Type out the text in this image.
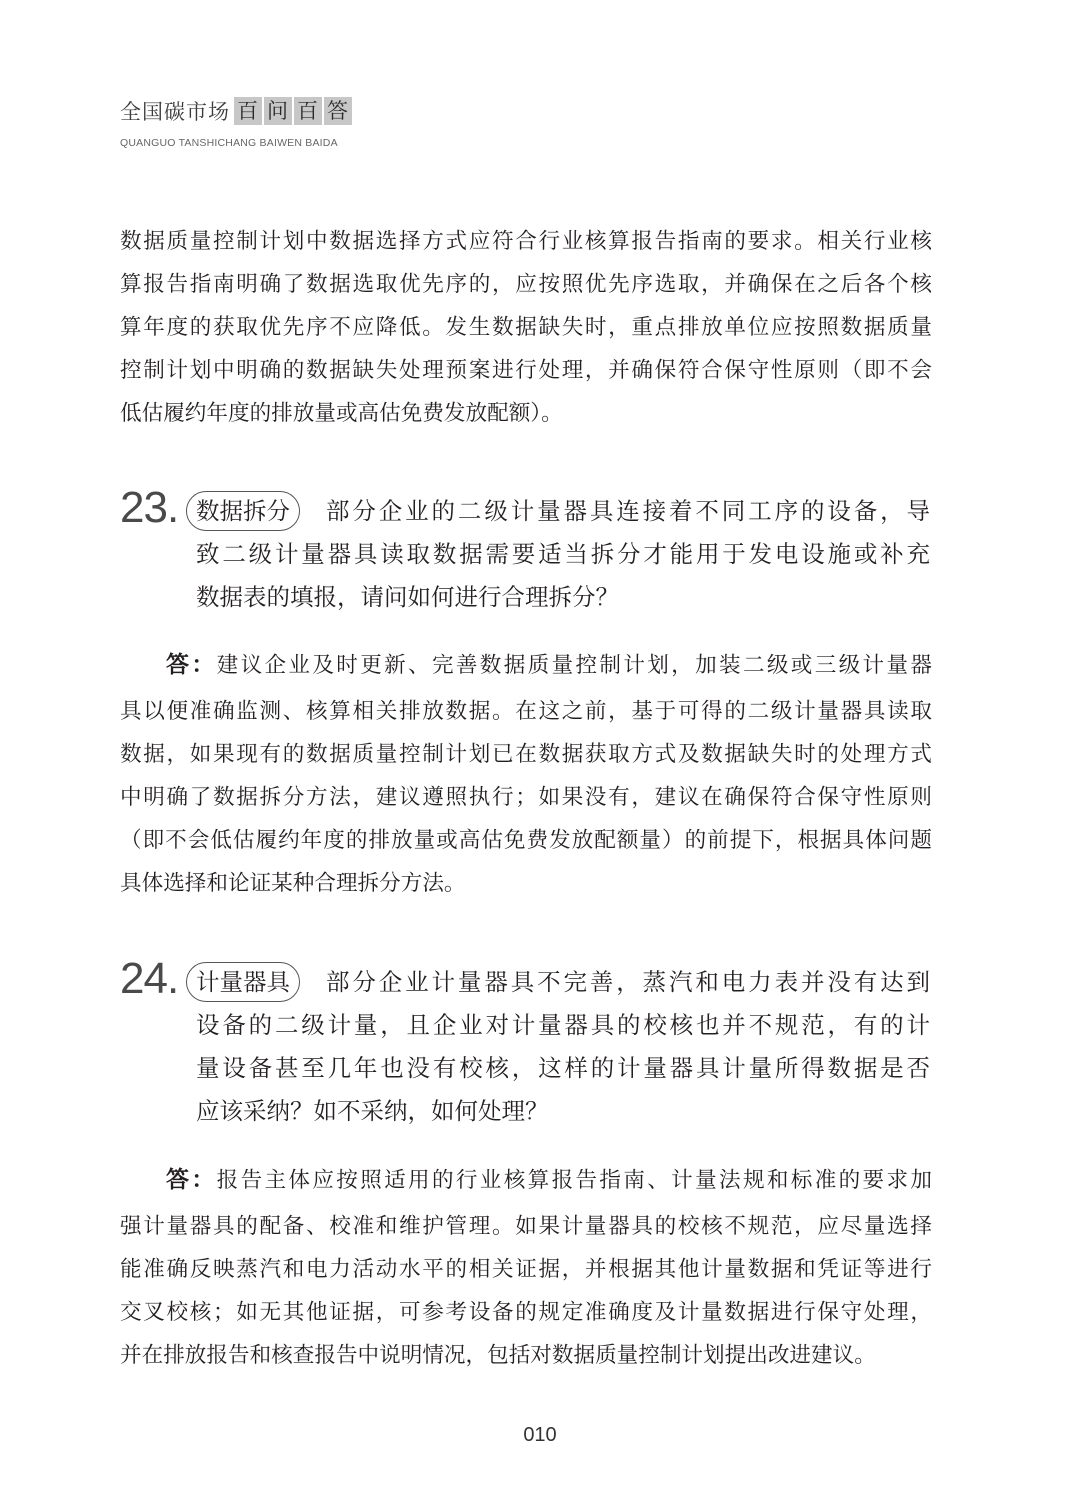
全国碳市场 百 问 百 答
QUANGUO TANSHICHANG BAIWEN BAIDA
数据质量控制计划中数据选择方式应符合行业核算报告指南的要求。相关行业核
算报告指南明确了数据选取优先序的，应按照优先序选取，并确保在之后各个核
算年度的获取优先序不应降低。发生数据缺失时，重点排放单位应按照数据质量
控制计划中明确的数据缺失处理预案进行处理，并确保符合保守性原则（即不会
低估履约年度的排放量或高估免费发放配额）。
23. 数据拆分	部分企业的二级计量器具连接着不同工序的设备，导
致二级计量器具读取数据需要适当拆分才能用于发电设施或补充
数据表的填报，请问如何进行合理拆分？
答：建议企业及时更新、完善数据质量控制计划，加装二级或三级计量器
具以便准确监测、核算相关排放数据。在这之前，基于可得的二级计量器具读取
数据，如果现有的数据质量控制计划已在数据获取方式及数据缺失时的处理方式
中明确了数据拆分方法，建议遵照执行；如果没有，建议在确保符合保守性原则
（即不会低估履约年度的排放量或高估免费发放配额量）的前提下，根据具体问题
具体选择和论证某种合理拆分方法。
24. 计量器具	部分企业计量器具不完善，蒸汽和电力表并没有达到
设备的二级计量，且企业对计量器具的校核也并不规范，有的计
量设备甚至几年也没有校核，这样的计量器具计量所得数据是否
应该采纳？如不采纳，如何处理？
答：报告主体应按照适用的行业核算报告指南、计量法规和标准的要求加
强计量器具的配备、校准和维护管理。如果计量器具的校核不规范，应尽量选择
能准确反映蒸汽和电力活动水平的相关证据，并根据其他计量数据和凭证等进行
交叉校核；如无其他证据，可参考设备的规定准确度及计量数据进行保守处理，
并在排放报告和核查报告中说明情况，包括对数据质量控制计划提出改进建议。
010
